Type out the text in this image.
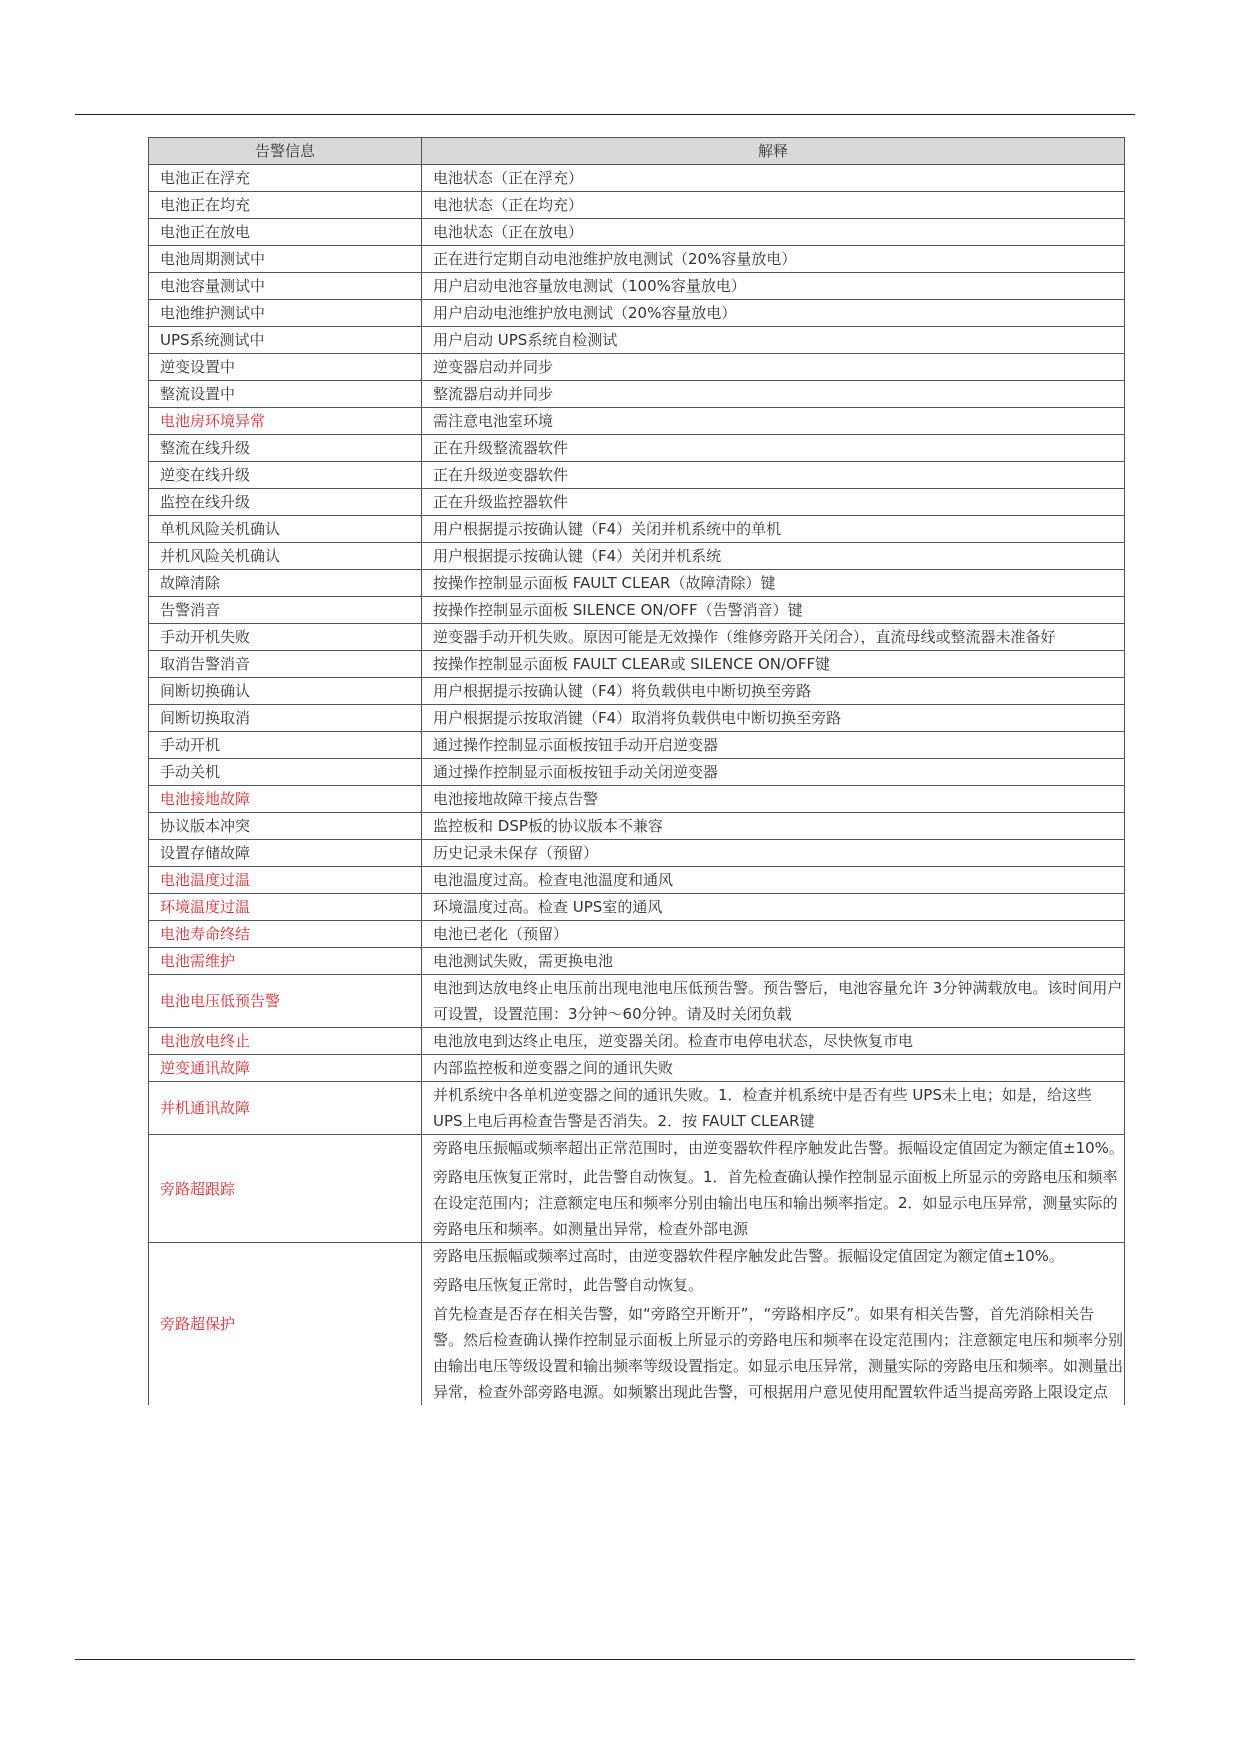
告警信息	解释
电池正在浮充	电池状态（正在浮充）

电池正在均充	电池状态（正在均充）

电池正在放电	电池状态（正在放电）

电池周期测试中	正在进行定期自动电池维护放电测试（20%容量放电）

电池容量测试中	用户启动电池容量放电测试（100%容量放电）

电池维护测试中	用户启动电池维护放电测试（20%容量放电）

UPS系统测试中	用户启动 UPS系统自检测试

逆变设置中	逆变器启动并同步

整流设置中	整流器启动并同步

电池房环境异常	需注意电池室环境

整流在线升级	正在升级整流器软件

逆变在线升级	正在升级逆变器软件

监控在线升级	正在升级监控器软件

单机风险关机确认	用户根据提示按确认键（F4）关闭并机系统中的单机

并机风险关机确认	用户根据提示按确认键（F4）关闭并机系统

故障清除	按操作控制显示面板 FAULT CLEAR（故障清除）键

告警消音	按操作控制显示面板 SILENCE ON/OFF（告警消音）键

手动开机失败	逆变器手动开机失败。原因可能是无效操作（维修旁路开关闭合），直流母线或整流器未准备好

取消告警消音	按操作控制显示面板 FAULT CLEAR或 SILENCE ON/OFF键

间断切换确认	用户根据提示按确认键（F4）将负载供电中断切换至旁路

间断切换取消	用户根据提示按取消键（F4）取消将负载供电中断切换至旁路

手动开机	通过操作控制显示面板按钮手动开启逆变器

手动关机	通过操作控制显示面板按钮手动关闭逆变器

电池接地故障	电池接地故障干接点告警

协议版本冲突	监控板和 DSP板的协议版本不兼容

设置存储故障	历史记录未保存（预留）

电池温度过温	电池温度过高。检查电池温度和通风

环境温度过温	环境温度过高。检查 UPS室的通风

电池寿命终结	电池已老化（预留）

电池需维护	电池测试失败，需更换电池

电池电压低预告警	电池到达放电终止电压前出现电池电压低预告警。预告警后，电池容量允许 3分钟满载放电。该时间用户可设置，设置范围：3分钟～60分钟。请及时关闭负载

电池放电终止	电池放电到达终止电压，逆变器关闭。检查市电停电状态，尽快恢复市电

逆变通讯故障	内部监控板和逆变器之间的通讯失败

并机通讯故障	并机系统中各单机逆变器之间的通讯失败。1．检查并机系统中是否有些 UPS未上电；如是，给这些 UPS上电后再检查告警是否消失。2．按 FAULT CLEAR键

旁路超跟踪	旁路电压振幅或频率超出正常范围时，由逆变器软件程序触发此告警。振幅设定值固定为额定值±10%。
旁路电压恢复正常时，此告警自动恢复。1．首先检查确认操作控制显示面板上所显示的旁路电压和频率在设定范围内；注意额定电压和频率分别由输出电压和输出频率指定。2．如显示电压异常，测量实际的旁路电压和频率。如测量出异常，检查外部电源

旁路超保护	旁路电压振幅或频率过高时，由逆变器软件程序触发此告警。振幅设定值固定为额定值±10%。
旁路电压恢复正常时，此告警自动恢复。
首先检查是否存在相关告警，如“旁路空开断开”，“旁路相序反”。如果有相关告警，首先消除相关告警。然后检查确认操作控制显示面板上所显示的旁路电压和频率在设定范围内；注意额定电压和频率分别由输出电压等级设置和输出频率等级设置指定。如显示电压异常，测量实际的旁路电压和频率。如测量出异常，检查外部旁路电源。如频繁出现此告警，可根据用户意见使用配置软件适当提高旁路上限设定点
